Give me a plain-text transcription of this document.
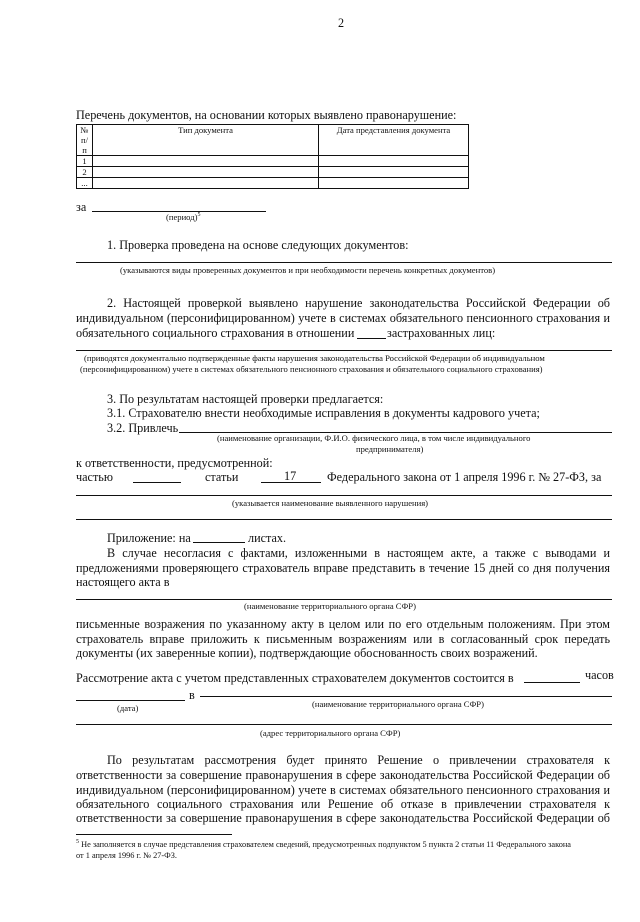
2
Перечень документов, на основании которых выявлено правонарушение:
№
п/п	Тип документа	Дата представления документа
1		
2		
...		
за
(период)$^5$
1. Проверка проведена на основе следующих документов:
(указываются виды проверенных документов и при необходимости перечень конкретных документов)
2. Настоящей проверкой выявлено нарушение законодательства Российской Федерации об
индивидуальном (персонифицированном) учете в системах обязательного пенсионного страхования и
обязательного социального страхования в отношении	застрахованных лиц:
(приводятся документально подтвержденные факты нарушения законодательства Российской Федерации об индивидуальном
(персонифицированном) учете в системах обязательного пенсионного страхования и обязательного социального страхования)
3. По результатам настоящей проверки предлагается:
3.1. Страхователю внести необходимые исправления в документы кадрового учета;
3.2. Привлечь
(наименование организации, Ф.И.О. физического лица, в том числе индивидуального
предпринимателя)
к ответственности, предусмотренной:
частью	статьи	17	Федерального закона от 1 апреля 1996 г. № 27-ФЗ, за
(указывается наименование выявленного нарушения)
Приложение: на	листах.
В случае несогласия с фактами, изложенными в настоящем акте, а также с выводами и
предложениями проверяющего страхователь вправе представить в течение 15 дней со дня получения
настоящего акта в
(наименование территориального органа СФР)
письменные возражения по указанному акту в целом или по его отдельным положениям. При этом
страхователь вправе приложить к письменным возражениям или в согласованный срок передать
документы (их заверенные копии), подтверждающие обоснованность своих возражений.
Рассмотрение акта с учетом представленных страхователем документов состоится в	часов
в
(дата)	(наименование территориального органа СФР)
(адрес территориального органа СФР)
По результатам рассмотрения будет принято Решение о привлечении страхователя к
ответственности за совершение правонарушения в сфере законодательства Российской Федерации об
индивидуальном (персонифицированном) учете в системах обязательного пенсионного страхования и
обязательного социального страхования или Решение об отказе в привлечении страхователя к
ответственности за совершение правонарушения в сфере законодательства Российской Федерации об
$^5$ Не заполняется в случае представления страхователем сведений, предусмотренных подпунктом 5 пункта 2 статьи 11 Федерального закона
от 1 апреля 1996 г. № 27-ФЗ.
